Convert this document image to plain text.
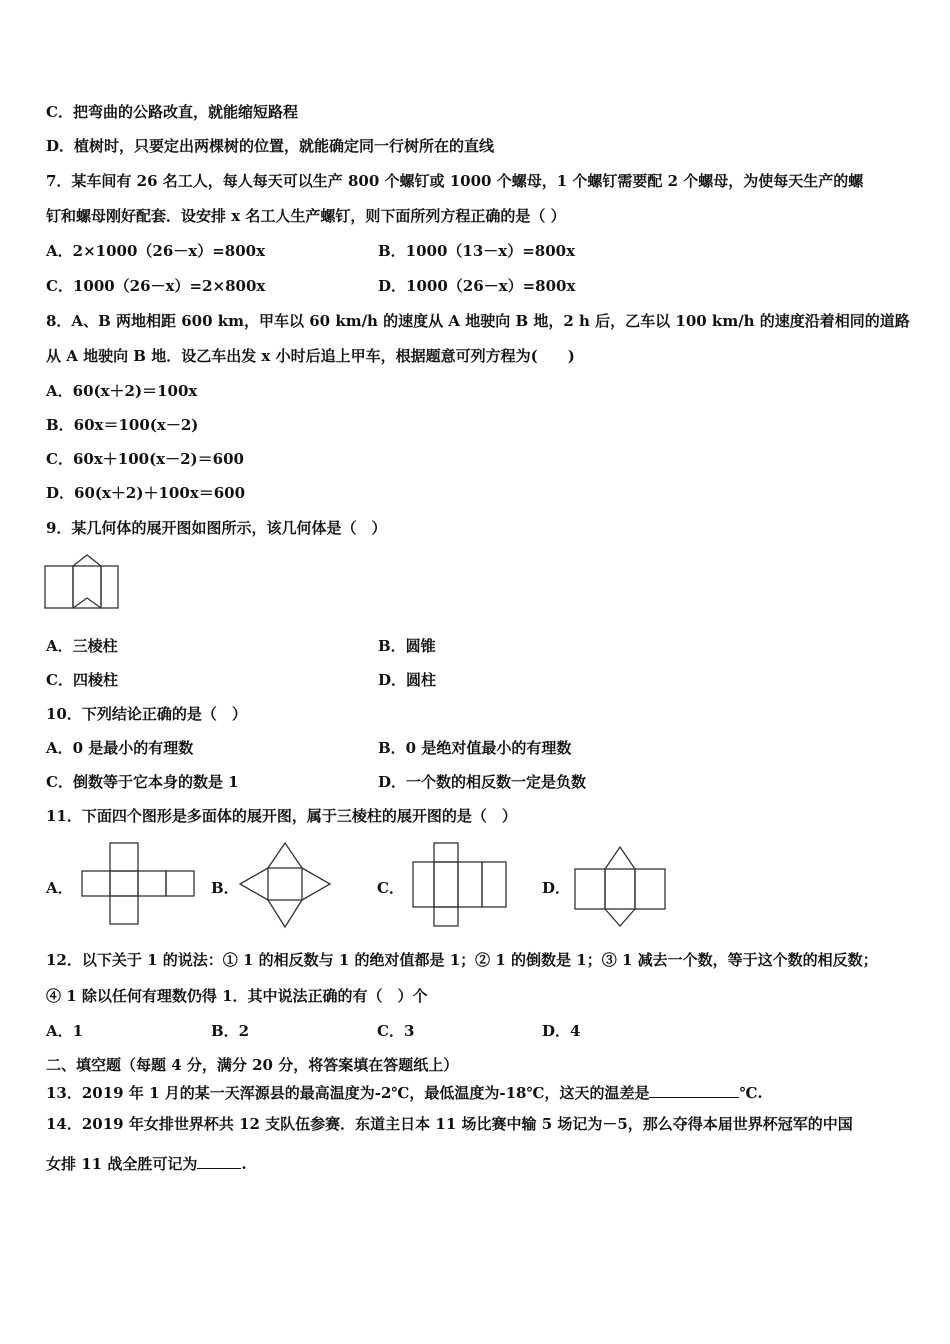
C．把弯曲的公路改直，就能缩短路程
D．植树时，只要定出两棵树的位置，就能确定同一行树所在的直线
7．某车间有 26 名工人，每人每天可以生产 800 个螺钉或 1000 个螺母，1 个螺钉需要配 2 个螺母，为使每天生产的螺
钉和螺母刚好配套．设安排 x 名工人生产螺钉，则下面所列方程正确的是（ ）
A．2×1000（26－x）=800x	B．1000（13－x）=800x
C．1000（26－x）=2×800x	D．1000（26－x）=800x
8．A、B 两地相距 600 km，甲车以 60 km/h 的速度从 A 地驶向 B 地，2 h 后，乙车以 100 km/h 的速度沿着相同的道路
从 A 地驶向 B 地．设乙车出发 x 小时后追上甲车，根据题意可列方程为(　　)
A．60(x＋2)＝100x
B．60x＝100(x－2)
C．60x＋100(x－2)＝600
D．60(x＋2)＋100x＝600
9．某几何体的展开图如图所示，该几何体是（　）
A．三棱柱	B．圆锥
C．四棱柱	D．圆柱
10．下列结论正确的是（　）
A．0 是最小的有理数	B．0 是绝对值最小的有理数
C．倒数等于它本身的数是 1	D．一个数的相反数一定是负数
11．下面四个图形是多面体的展开图，属于三棱柱的展开图的是（　）
A．	B．	C．	D．
12．以下关于 1 的说法：① 1 的相反数与 1 的绝对值都是 1；② 1 的倒数是 1；③ 1 减去一个数，等于这个数的相反数；
④ 1 除以任何有理数仍得 1．其中说法正确的有（　）个
A．1	B．2	C．3	D．4
二、填空题（每题 4 分，满分 20 分，将答案填在答题纸上）
13．2019 年 1 月的某一天浑源县的最高温度为-2℃，最低温度为-18℃，这天的温差是	℃.
14．2019 年女排世界杯共 12 支队伍参赛．东道主日本 11 场比赛中输 5 场记为－5，那么夺得本届世界杯冠军的中国
女排 11 战全胜可记为	.
